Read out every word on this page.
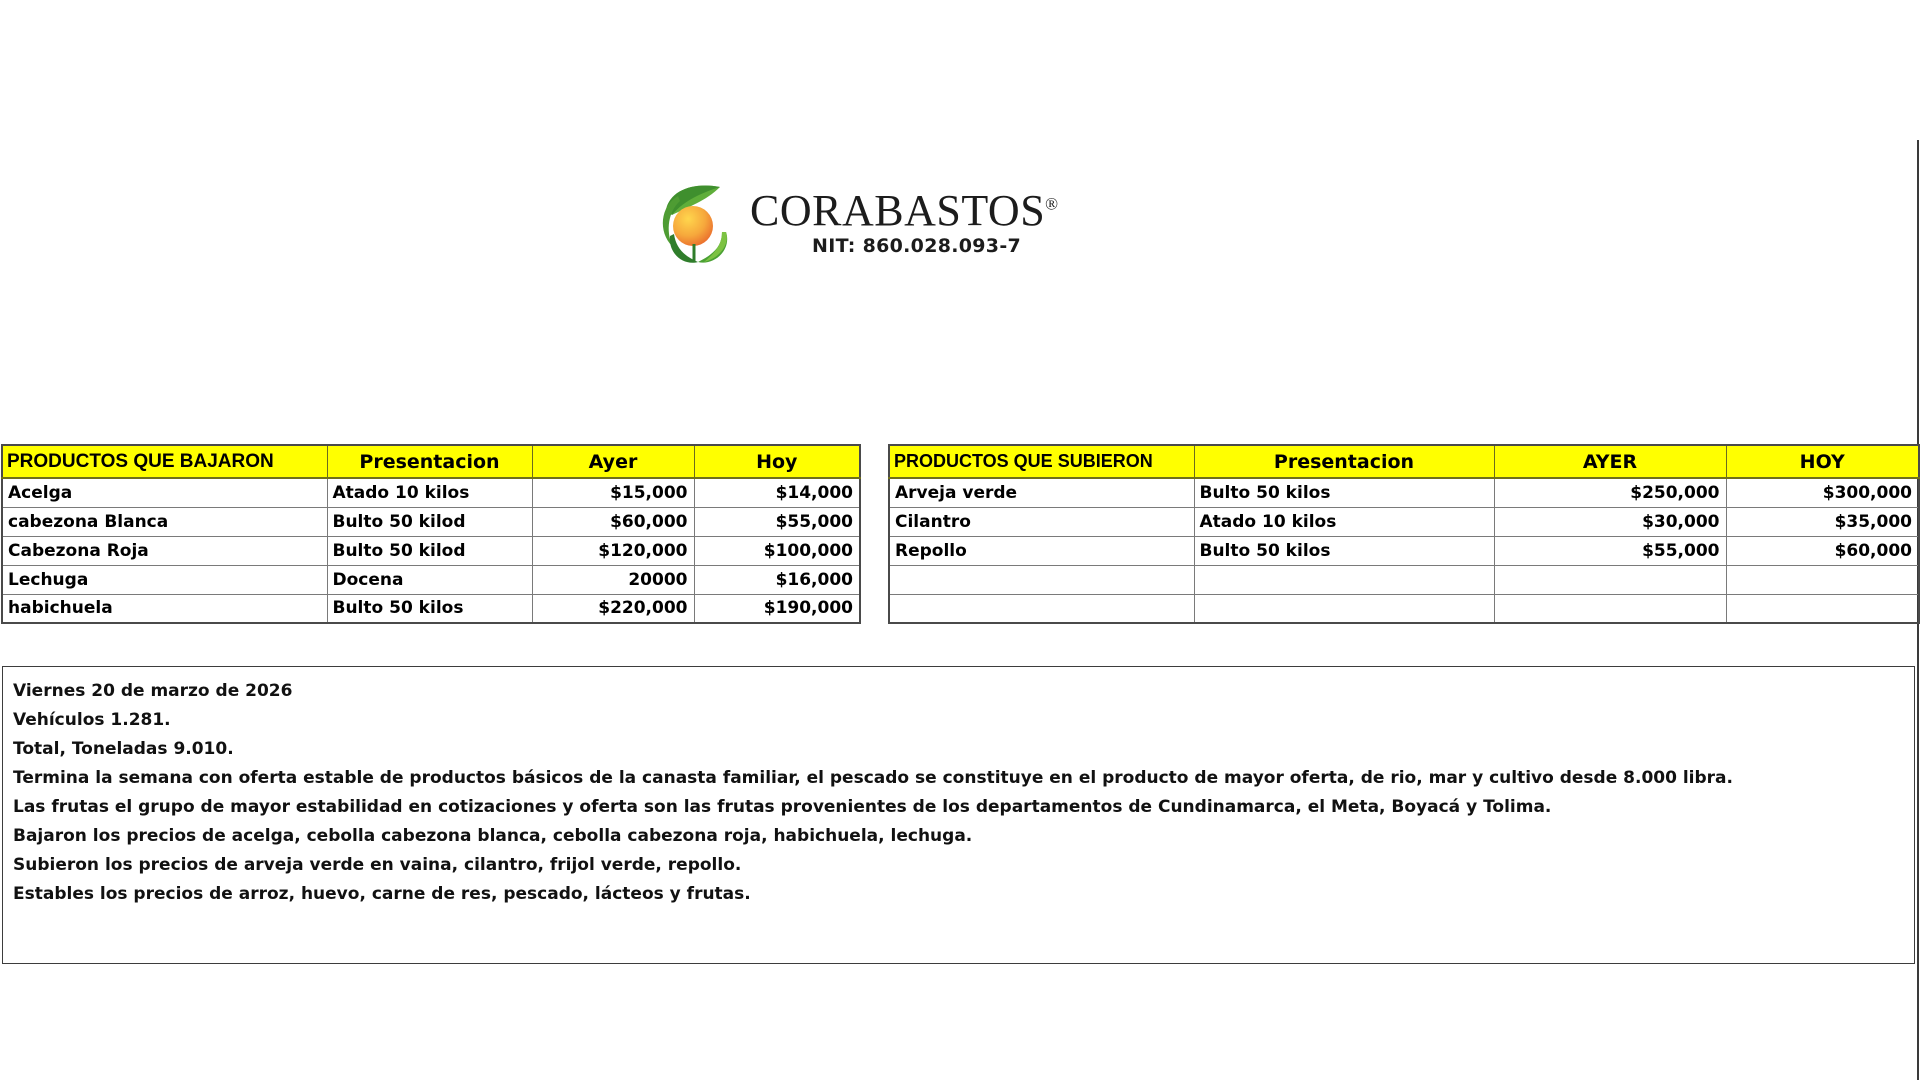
CORABASTOS®
NIT: 860.028.093-7
PRODUCTOS QUE BAJARON	Presentacion	Ayer	Hoy
Acelga	Atado 10 kilos	$15,000	$14,000
cabezona Blanca	Bulto 50 kilod	$60,000	$55,000
Cabezona Roja	Bulto 50 kilod	$120,000	$100,000
Lechuga	Docena	20000	$16,000
habichuela	Bulto 50 kilos	$220,000	$190,000
PRODUCTOS QUE SUBIERON	Presentacion	AYER	HOY
Arveja verde	Bulto 50 kilos	$250,000	$300,000
Cilantro	Atado 10 kilos	$30,000	$35,000
Repollo	Bulto 50 kilos	$55,000	$60,000

Viernes 20 de marzo de 2026
Vehículos 1.281.
Total, Toneladas 9.010.
Termina la semana con oferta estable de productos básicos de la canasta familiar, el pescado se constituye en el producto de mayor oferta, de rio, mar y cultivo desde 8.000 libra.
Las frutas el grupo de mayor estabilidad en cotizaciones y oferta son las frutas provenientes de los departamentos de Cundinamarca, el Meta, Boyacá y Tolima.
Bajaron los precios de acelga, cebolla cabezona blanca, cebolla cabezona roja, habichuela, lechuga.
Subieron los precios de arveja verde en vaina, cilantro, frijol verde, repollo.
Estables los precios de arroz, huevo, carne de res, pescado, lácteos y frutas.
